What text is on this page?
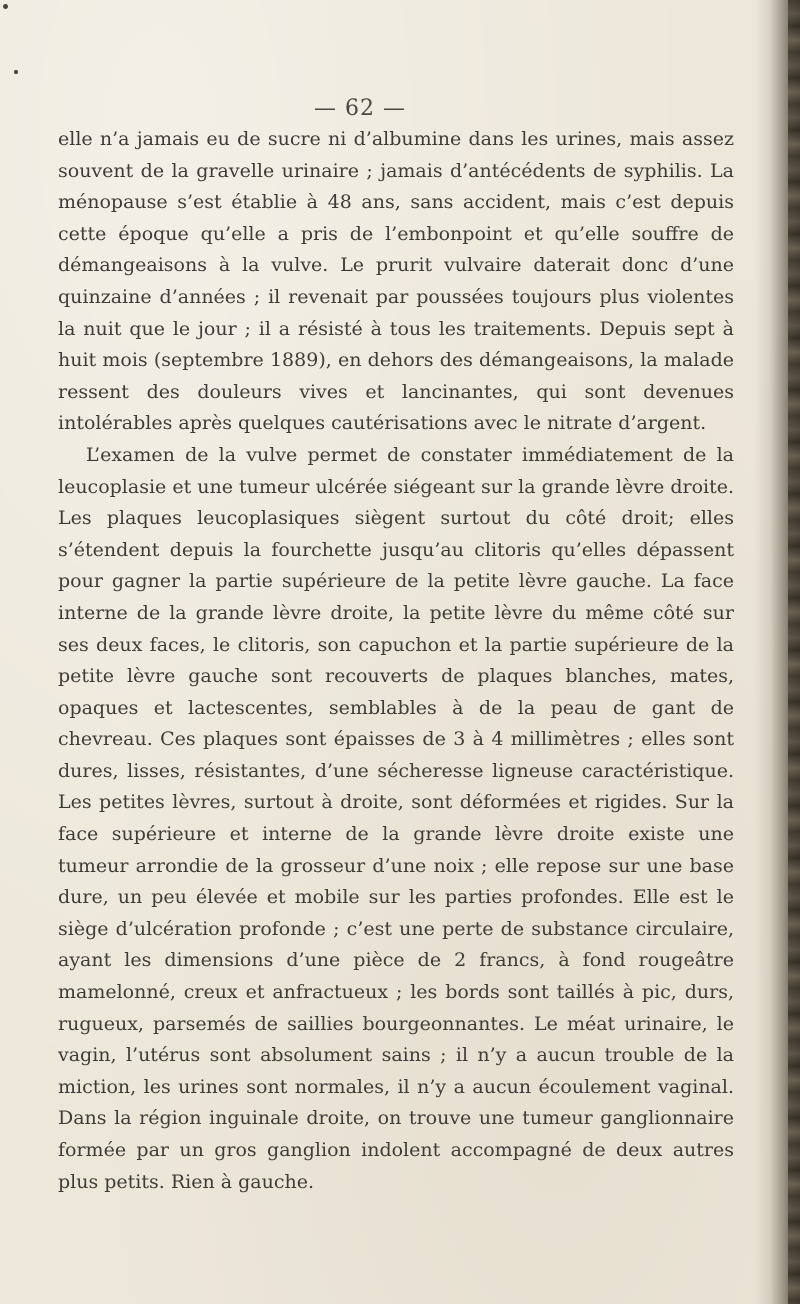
— 62 —

elle n’a jamais eu de sucre ni d’albumine dans les urines, mais assez souvent de la gravelle urinaire ; jamais d’antécédents de syphilis. La ménopause s’est établie à 48 ans, sans accident, mais c’est depuis cette époque qu’elle a pris de l’embonpoint et qu’elle souffre de démangeaisons à la vulve. Le prurit vulvaire daterait donc d’une quinzaine d’années ; il revenait par poussées toujours plus violentes la nuit que le jour ; il a résisté à tous les traitements. Depuis sept à huit mois (septembre 1889), en dehors des démangeaisons, la malade ressent des douleurs vives et lancinantes, qui sont devenues intolérables après quelques cautérisations avec le nitrate d’argent.

L’examen de la vulve permet de constater immédiatement de la leucoplasie et une tumeur ulcérée siégeant sur la grande lèvre droite. Les plaques leucoplasiques siègent surtout du côté droit; elles s’étendent depuis la fourchette jusqu’au clitoris qu’elles dépassent pour gagner la partie supérieure de la petite lèvre gauche. La face interne de la grande lèvre droite, la petite lèvre du même côté sur ses deux faces, le clitoris, son capuchon et la partie supérieure de la petite lèvre gauche sont recouverts de plaques blanches, mates, opaques et lactescentes, semblables à de la peau de gant de chevreau. Ces plaques sont épaisses de 3 à 4 millimètres ; elles sont dures, lisses, résistantes, d’une sécheresse ligneuse caractéristique. Les petites lèvres, surtout à droite, sont déformées et rigides. Sur la face supérieure et interne de la grande lèvre droite existe une tumeur arrondie de la grosseur d’une noix ; elle repose sur une base dure, un peu élevée et mobile sur les parties profondes. Elle est le siège d’ulcération profonde ; c’est une perte de substance circulaire, ayant les dimensions d’une pièce de 2 francs, à fond rougeâtre mamelonné, creux et anfractueux ; les bords sont taillés à pic, durs, rugueux, parsemés de saillies bourgeonnantes. Le méat urinaire, le vagin, l’utérus sont absolument sains ; il n’y a aucun trouble de la miction, les urines sont normales, il n’y a aucun écoulement vaginal. Dans la région inguinale droite, on trouve une tumeur ganglionnaire formée par un gros ganglion indolent accompagné de deux autres plus petits. Rien à gauche.
